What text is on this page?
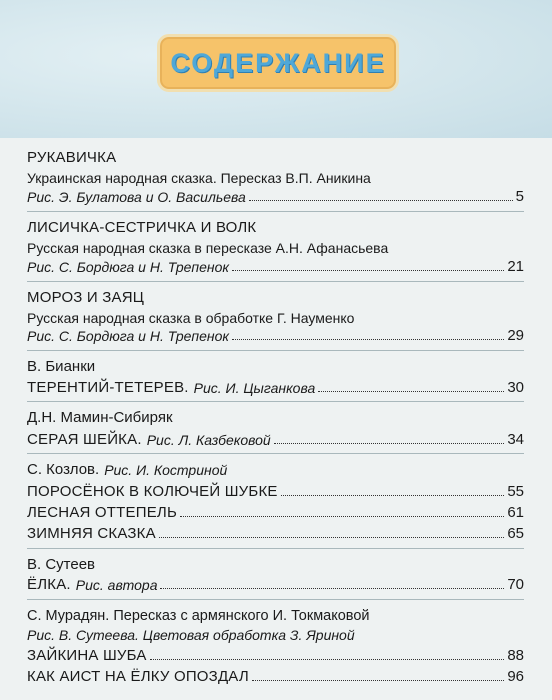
СОДЕРЖАНИЕ
РУКАВИЧКА
Украинская народная сказка. Пересказ В.П. Аникина
Рис. Э. Булатова и О. Васильева	5
ЛИСИЧКА-СЕСТРИЧКА И ВОЛК
Русская народная сказка в пересказе А.Н. Афанасьева
Рис. С. Бордюга и Н. Трепенок	21
МОРОЗ И ЗАЯЦ
Русская народная сказка в обработке Г. Науменко
Рис. С. Бордюга и Н. Трепенок	29
В. Бианки
ТЕРЕНТИЙ-ТЕТЕРЕВ. Рис. И. Цыганкова	30
Д.Н. Мамин-Сибиряк
СЕРАЯ ШЕЙКА. Рис. Л. Казбековой	34
С. Козлов. Рис. И. Костриной
ПОРОСЁНОК В КОЛЮЧЕЙ ШУБКЕ	55
ЛЕСНАЯ ОТТЕПЕЛЬ	61
ЗИМНЯЯ СКАЗКА	65
В. Сутеев
ЁЛКА. Рис. автора	70
С. Мурадян. Пересказ с армянского И. Токмаковой
Рис. В. Сутеева. Цветовая обработка З. Яриной
ЗАЙКИНА ШУБА	88
КАК АИСТ НА ЁЛКУ ОПОЗДАЛ	96
